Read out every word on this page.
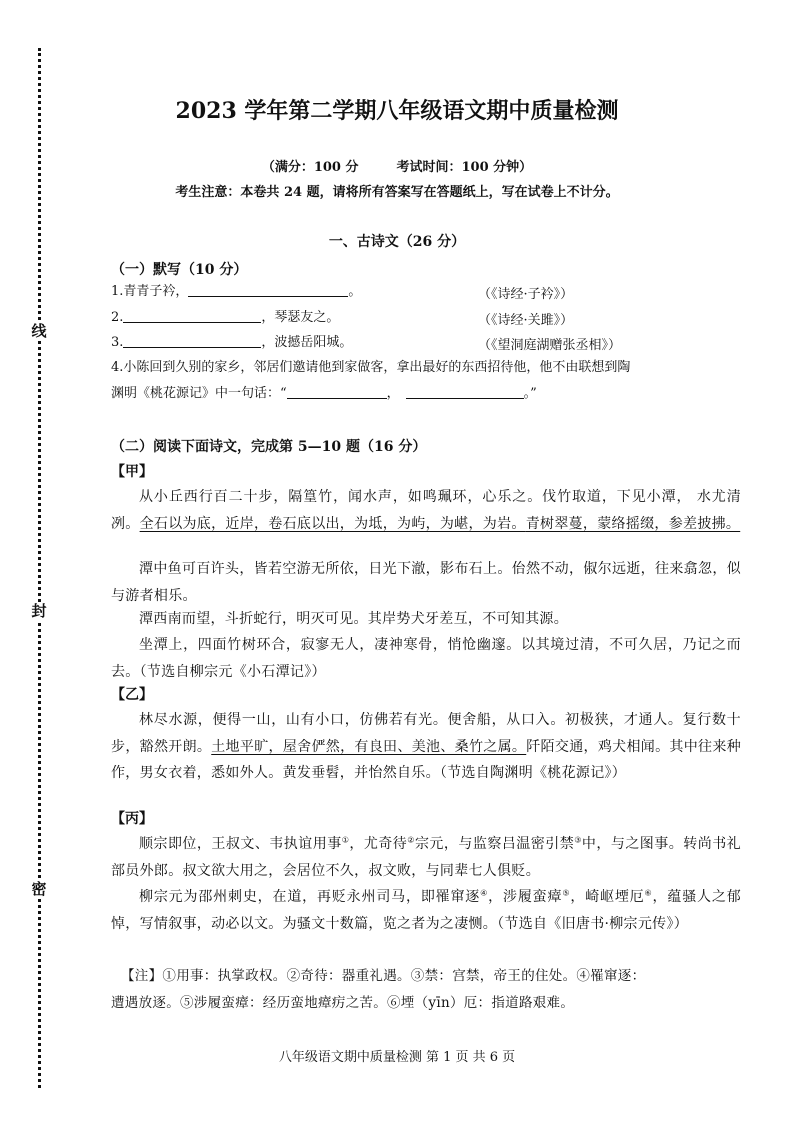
线
封
密
2023 学年第二学期八年级语文期中质量检测
（满分：100 分	考试时间：100 分钟）
考生注意：本卷共 24 题，请将所有答案写在答题纸上，写在试卷上不计分。
一、古诗文（26 分）
（一）默写（10 分）
1.青青子衿，	。	（《诗经·子衿》）
2.	，琴瑟友之。	（《诗经·关雎》）
3.	，波撼岳阳城。	（《望洞庭湖赠张丞相》）
4.小陈回到久别的家乡，邻居们邀请他到家做客，拿出最好的东西招待他，他不由联想到陶
渊明《桃花源记》中一句话：“	，	。”
（二）阅读下面诗文，完成第 5—10 题（16 分）
【甲】
从小丘西行百二十步，隔篁竹，闻水声，如鸣珮环，心乐之。伐竹取道，下见小潭， 水尤清冽。全石以为底，近岸，卷石底以出，为坻，为屿，为嵁，为岩。青树翠蔓，蒙络摇缀，参差披拂。
潭中鱼可百许头，皆若空游无所依，日光下澈，影布石上。佁然不动，俶尔远逝，往来翕忽，似与游者相乐。
潭西南而望，斗折蛇行，明灭可见。其岸势犬牙差互，不可知其源。
坐潭上，四面竹树环合，寂寥无人，凄神寒骨，悄怆幽邃。以其境过清，不可久居，乃记之而去。（节选自柳宗元《小石潭记》）
【乙】
林尽水源，便得一山，山有小口，仿佛若有光。便舍船，从口入。初极狭，才通人。复行数十步，豁然开朗。土地平旷，屋舍俨然，有良田、美池、桑竹之属。阡陌交通，鸡犬相闻。其中往来种作，男女衣着，悉如外人。黄发垂髫，并怡然自乐。（节选自陶渊明《桃花源记》）
【丙】
顺宗即位，王叔文、韦执谊用事①，尤奇待②宗元，与监察吕温密引禁③中，与之图事。转尚书礼部员外郎。叔文欲大用之，会居位不久，叔文败，与同辈七人俱贬。
柳宗元为邵州刺史，在道，再贬永州司马，即罹窜逐④，涉履蛮瘴⑤，崎岖堙厄⑥，蕴骚人之郁悼，写情叙事，动必以文。为骚文十数篇，览之者为之凄恻。（节选自《旧唐书·柳宗元传》）
【注】①用事：执掌政权。②奇待：器重礼遇。③禁：宫禁，帝王的住处。④罹窜逐：
遭遇放逐。⑤涉履蛮瘴：经历蛮地瘴疠之苦。⑥堙（yīn）厄：指道路艰难。
八年级语文期中质量检测 第 1 页 共 6 页
